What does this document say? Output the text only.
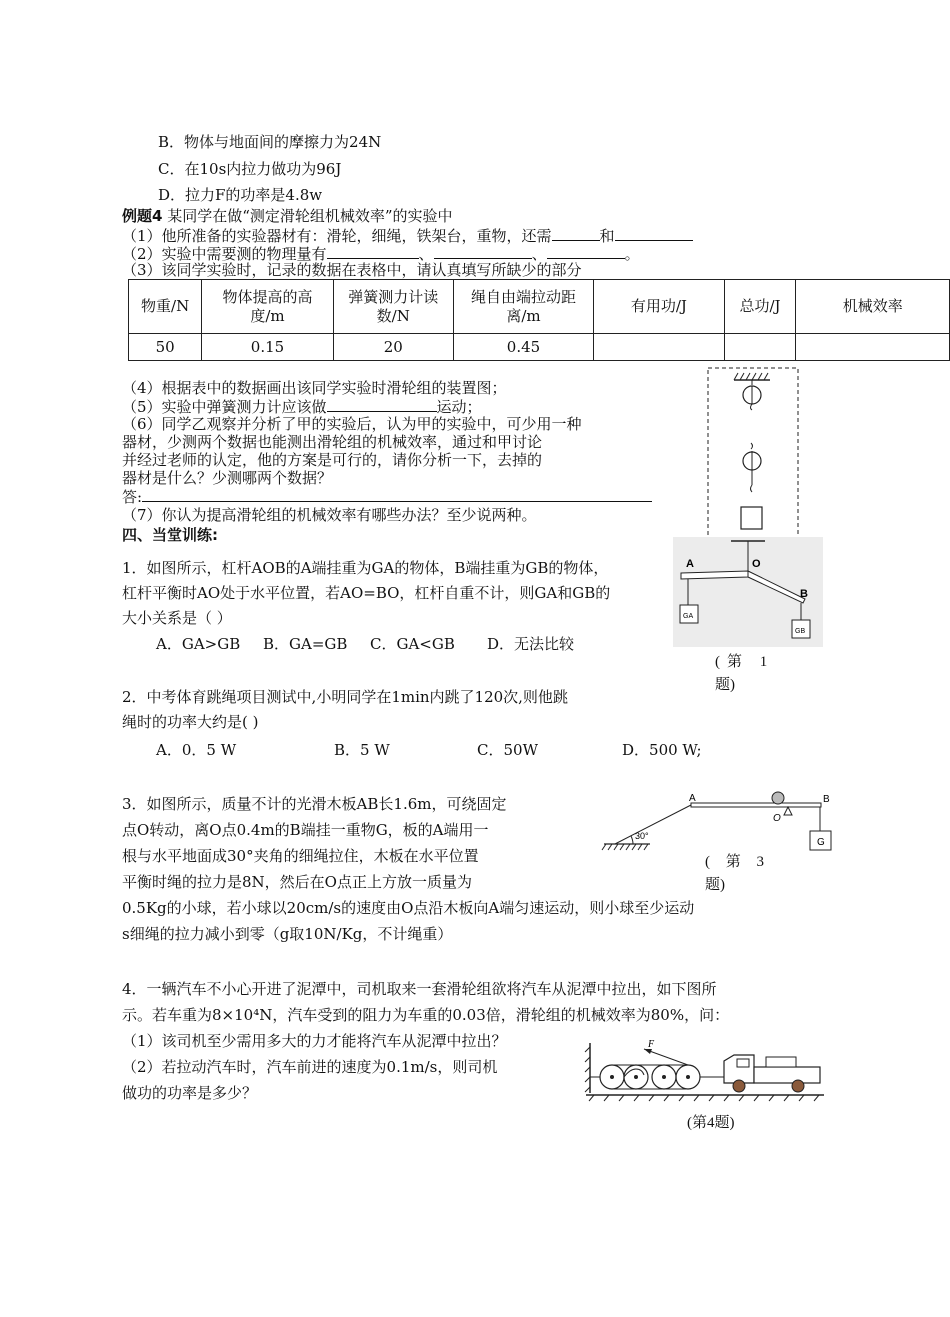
B．物体与地面间的摩擦力为24N
C．在10s内拉力做功为96J
D．拉力F的功率是4.8w
例题4 某同学在做“测定滑轮组机械效率”的实验中
（1）他所准备的实验器材有：滑轮，细绳，铁架台，重物，还需	和
（2）实验中需要测的物理量有	、	、	。
（3）该同学实验时，记录的数据在表格中，请认真填写所缺少的部分
物重/N	物体提高的高度/m	弹簧测力计读数/N	绳自由端拉动距离/m	有用功/J	总功/J	机械效率
50	0.15	20	0.45			
（4）根据表中的数据画出该同学实验时滑轮组的装置图；
（5）实验中弹簧测力计应该做	运动；
（6）同学乙观察并分析了甲的实验后，认为甲的实验中，可少用一种
器材，少测两个数据也能测出滑轮组的机械效率，通过和甲讨论
并经过老师的认定，他的方案是可行的，请你分析一下，去掉的
器材是什么？少测哪两个数据？
答:
（7）你认为提高滑轮组的机械效率有哪些办法？至少说两种。
四、当堂训练:
1．如图所示，杠杆AOB的A端挂重为GA的物体，B端挂重为GB的物体，
杠杆平衡时AO处于水平位置，若AO=BO，杠杆自重不计，则GA和GB的
大小关系是（ ）
A．GA>GB B．GA=GB C．GA<GB D．无法比较
A	O
B
GA
GB
(第 1
题)
2．中考体育跳绳项目测试中,小明同学在1min内跳了120次,则他跳
绳时的功率大约是( )
A．0．5 W	B．5 W	C．50W	D．500 W;
3．如图所示，质量不计的光滑木板AB长1.6m，可绕固定
点O转动，离O点0.4m的B端挂一重物G，板的A端用一
根与水平地面成30°夹角的细绳拉住，木板在水平位置
平衡时绳的拉力是8N，然后在O点正上方放一质量为
0.5Kg的小球，若小球以20cm/s的速度由O点沿木板向A端匀速运动，则小球至少运动
s细绳的拉力减小到零（g取10N/Kg，不计绳重）
A	B
O
30°
G
( 第 3
题)
4．一辆汽车不小心开进了泥潭中，司机取来一套滑轮组欲将汽车从泥潭中拉出，如下图所
示。若车重为8×10⁴N，汽车受到的阻力为车重的0.03倍，滑轮组的机械效率为80%，问：
（1）该司机至少需用多大的力才能将汽车从泥潭中拉出？
（2）若拉动汽车时，汽车前进的速度为0.1m/s，则司机
做功的功率是多少？
F
(第4题)
